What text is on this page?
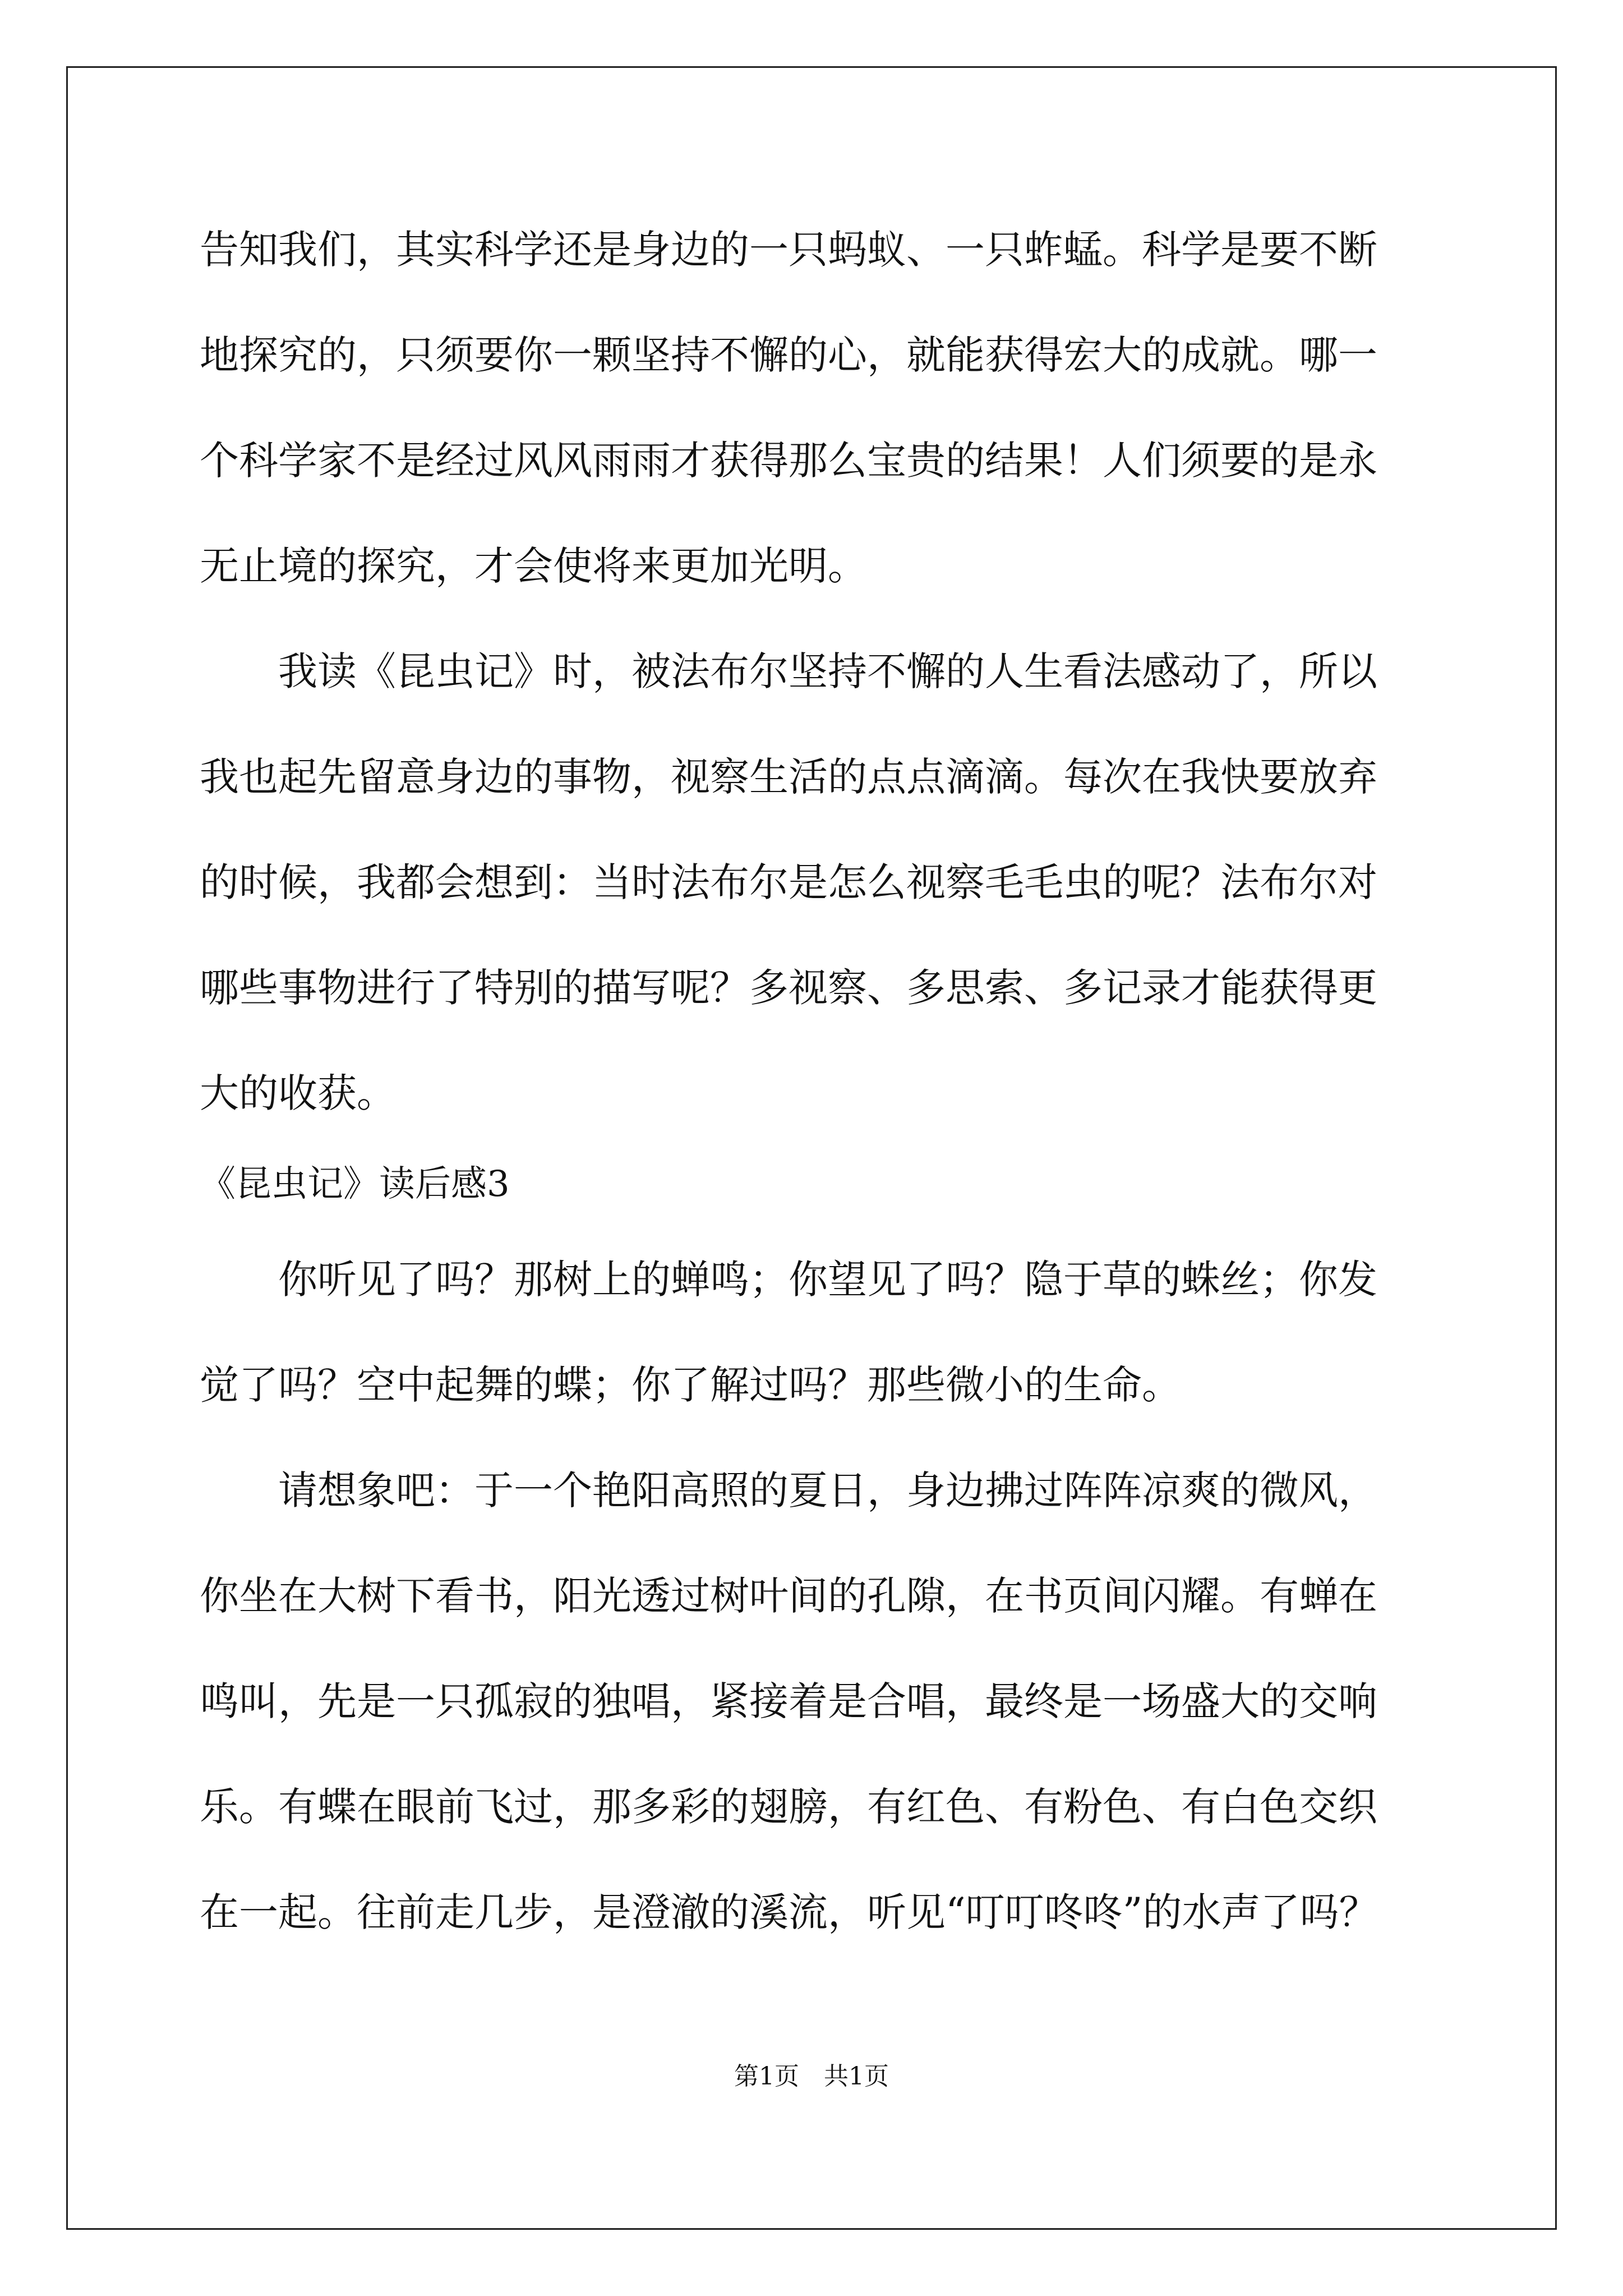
告知我们，其实科学还是身边的一只蚂蚁、一只蚱蜢。科学是要不断
地探究的，只须要你一颗坚持不懈的心，就能获得宏大的成就。哪一
个科学家不是经过风风雨雨才获得那么宝贵的结果！人们须要的是永
无止境的探究，才会使将来更加光明。
　　我读《昆虫记》时，被法布尔坚持不懈的人生看法感动了，所以
我也起先留意身边的事物，视察生活的点点滴滴。每次在我快要放弃
的时候，我都会想到：当时法布尔是怎么视察毛毛虫的呢？法布尔对
哪些事物进行了特别的描写呢？多视察、多思索、多记录才能获得更
大的收获。
《昆虫记》读后感3
　　你听见了吗？那树上的蝉鸣；你望见了吗？隐于草的蛛丝；你发
觉了吗？空中起舞的蝶；你了解过吗？那些微小的生命。
　　请想象吧：于一个艳阳高照的夏日，身边拂过阵阵凉爽的微风，
你坐在大树下看书，阳光透过树叶间的孔隙，在书页间闪耀。有蝉在
鸣叫，先是一只孤寂的独唱，紧接着是合唱，最终是一场盛大的交响
乐。有蝶在眼前飞过，那多彩的翅膀，有红色、有粉色、有白色交织
在一起。往前走几步，是澄澈的溪流，听见“叮叮咚咚”的水声了吗？
第1页　共1页
